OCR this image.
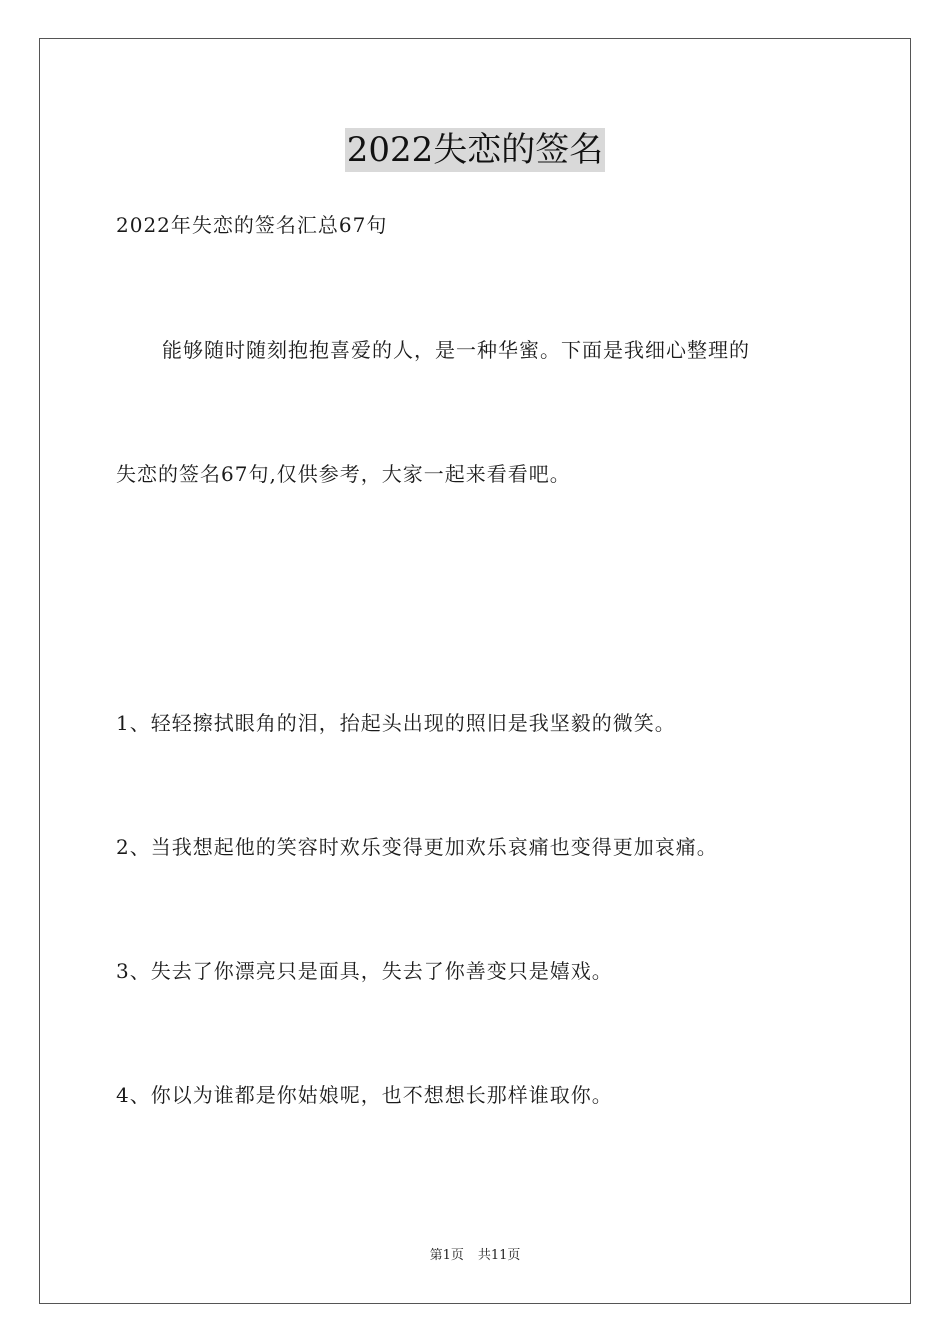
2022失恋的签名
2022年失恋的签名汇总67句
能够随时随刻抱抱喜爱的人，是一种华蜜。下面是我细心整理的
失恋的签名67句,仅供参考，大家一起来看看吧。
1、轻轻擦拭眼角的泪，抬起头出现的照旧是我坚毅的微笑。
2、当我想起他的笑容时欢乐变得更加欢乐哀痛也变得更加哀痛。
3、失去了你漂亮只是面具，失去了你善变只是嬉戏。
4、你以为谁都是你姑娘呢，也不想想长那样谁取你。
第1页 共11页
